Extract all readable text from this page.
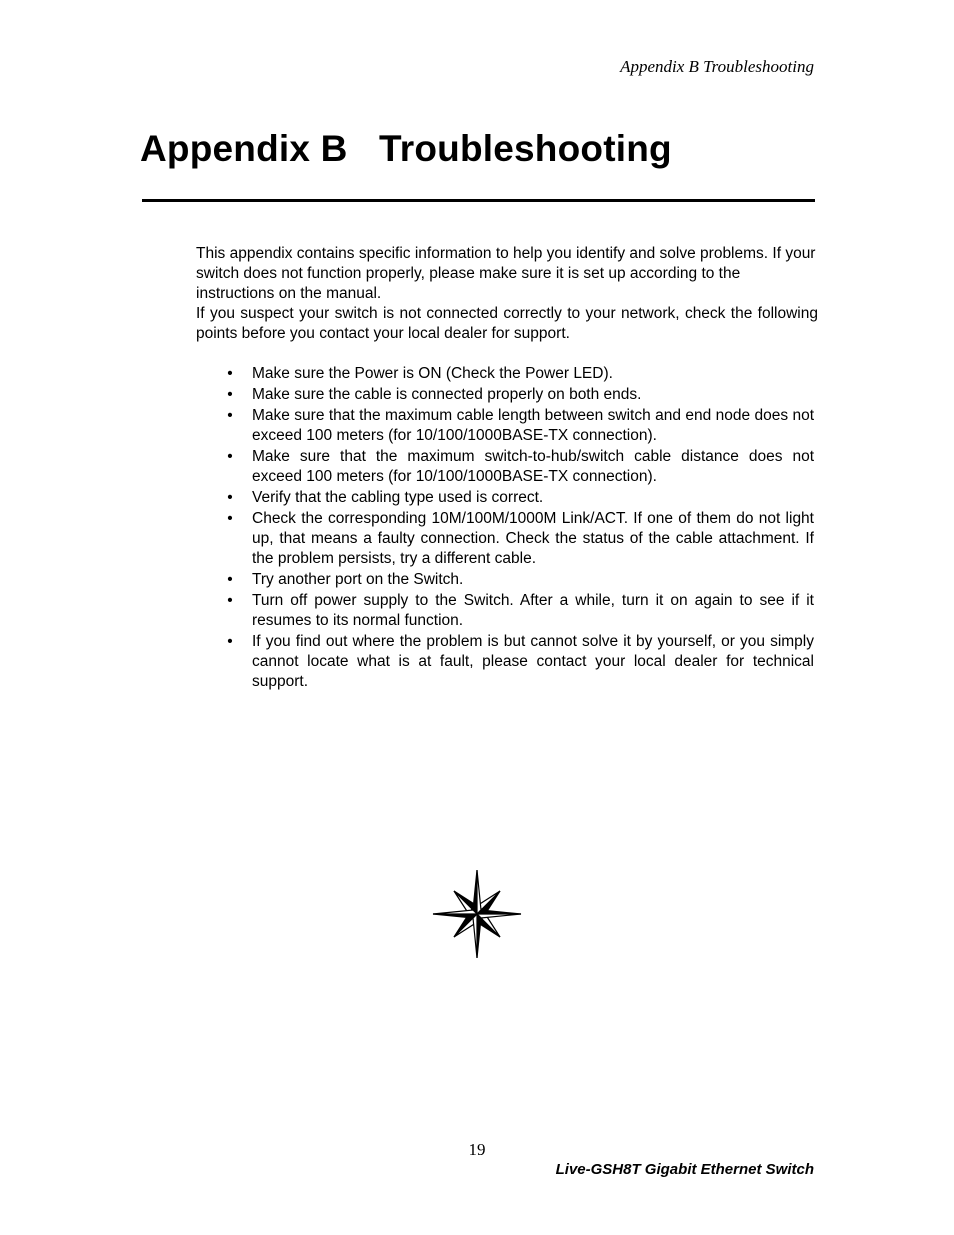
Appendix B Troubleshooting
Appendix B   Troubleshooting

This appendix contains specific information to help you identify and solve problems. If your switch does not function properly, please make sure it is set up according to the instructions on the manual.

If you suspect your switch is not connected correctly to your network, check the following points before you contact your local dealer for support.

• Make sure the Power is ON (Check the Power LED).
• Make sure the cable is connected properly on both ends.
• Make sure that the maximum cable length between switch and end node does not exceed 100 meters (for 10/100/1000BASE-TX connection).
• Make sure that the maximum switch-to-hub/switch cable distance does not exceed 100 meters (for 10/100/1000BASE-TX connection).
• Verify that the cabling type used is correct.
• Check the corresponding 10M/100M/1000M Link/ACT. If one of them do not light up, that means a faulty connection. Check the status of the cable attachment. If the problem persists, try a different cable.
• Try another port on the Switch.
• Turn off power supply to the Switch. After a while, turn it on again to see if it resumes to its normal function.
• If you find out where the problem is but cannot solve it by yourself, or you simply cannot locate what is at fault, please contact your local dealer for technical support.
19
Live-GSH8T Gigabit Ethernet Switch
